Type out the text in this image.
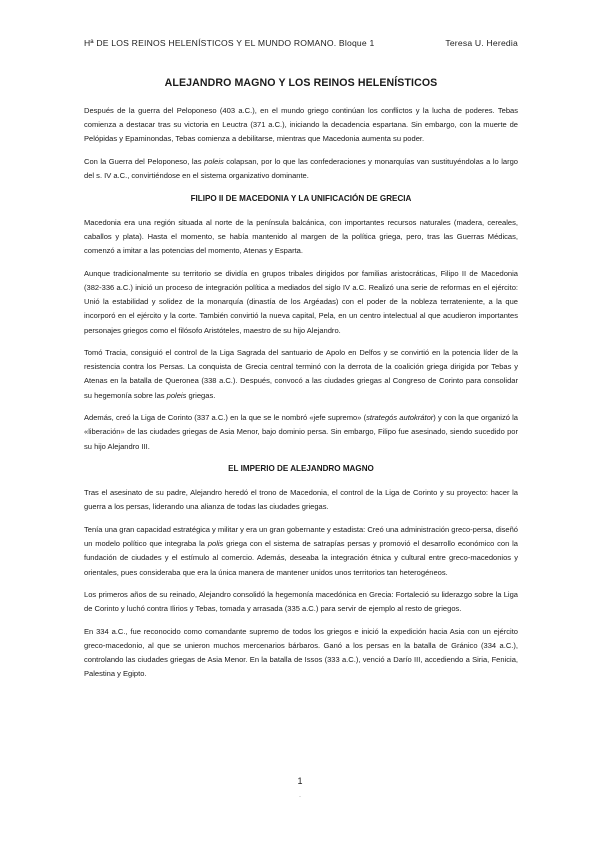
Hª DE LOS REINOS HELENÍSTICOS Y EL MUNDO ROMANO. Bloque 1	Teresa U. Heredia
ALEJANDRO MAGNO Y LOS REINOS HELENÍSTICOS

Después de la guerra del Peloponeso (403 a.C.), en el mundo griego continúan los conflictos y la lucha de poderes. Tebas comienza a destacar tras su victoria en Leuctra (371 a.C.), iniciando la decadencia espartana. Sin embargo, con la muerte de Pelópidas y Epaminondas, Tebas comienza a debilitarse, mientras que Macedonia aumenta su poder.

Con la Guerra del Peloponeso, las poleis colapsan, por lo que las confederaciones y monarquías van sustituyéndolas a lo largo del s. IV a.C., convirtiéndose en el sistema organizativo dominante.

FILIPO II DE MACEDONIA Y LA UNIFICACIÓN DE GRECIA

Macedonia era una región situada al norte de la península balcánica, con importantes recursos naturales (madera, cereales, caballos y plata). Hasta el momento, se había mantenido al margen de la política griega, pero, tras las Guerras Médicas, comenzó a imitar a las potencias del momento, Atenas y Esparta.

Aunque tradicionalmente su territorio se dividía en grupos tribales dirigidos por familias aristocráticas, Filipo II de Macedonia (382-336 a.C.) inició un proceso de integración política a mediados del siglo IV a.C. Realizó una serie de reformas en el ejército: Unió la estabilidad y solidez de la monarquía (dinastía de los Argéadas) con el poder de la nobleza terrateniente, a la que incorporó en el ejército y la corte. También convirtió la nueva capital, Pela, en un centro intelectual al que acudieron importantes personajes griegos como el filósofo Aristóteles, maestro de su hijo Alejandro.

Tomó Tracia, consiguió el control de la Liga Sagrada del santuario de Apolo en Delfos y se convirtió en la potencia líder de la resistencia contra los Persas. La conquista de Grecia central terminó con la derrota de la coalición griega dirigida por Tebas y Atenas en la batalla de Queronea (338 a.C.). Después, convocó a las ciudades griegas al Congreso de Corinto para consolidar su hegemonía sobre las poleis griegas.

Además, creó la Liga de Corinto (337 a.C.) en la que se le nombró «jefe supremo» (strategós autokrátor) y con la que organizó la «liberación» de las ciudades griegas de Asia Menor, bajo dominio persa. Sin embargo, Filipo fue asesinado, siendo sucedido por su hijo Alejandro III.

EL IMPERIO DE ALEJANDRO MAGNO

Tras el asesinato de su padre, Alejandro heredó el trono de Macedonia, el control de la Liga de Corinto y su proyecto: hacer la guerra a los persas, liderando una alianza de todas las ciudades griegas.

Tenía una gran capacidad estratégica y militar y era un gran gobernante y estadista: Creó una administración greco-persa, diseñó un modelo político que integraba la polis griega con el sistema de satrapías persas y promovió el desarrollo económico con la fundación de ciudades y el estímulo al comercio. Además, deseaba la integración étnica y cultural entre greco-macedonios y orientales, pues consideraba que era la única manera de mantener unidos unos territorios tan heterogéneos.

Los primeros años de su reinado, Alejandro consolidó la hegemonía macedónica en Grecia: Fortaleció su liderazgo sobre la Liga de Corinto y luchó contra Ilirios y Tebas, tomada y arrasada (335 a.C.) para servir de ejemplo al resto de griegos.

En 334 a.C., fue reconocido como comandante supremo de todos los griegos e inició la expedición hacia Asia con un ejército greco-macedonio, al que se unieron muchos mercenarios bárbaros. Ganó a los persas en la batalla de Gránico (334 a.C.), controlando las ciudades griegas de Asia Menor. En la batalla de Issos (333 a.C.), venció a Darío III, accediendo a Siria, Fenicia, Palestina y Egipto.

1
·
